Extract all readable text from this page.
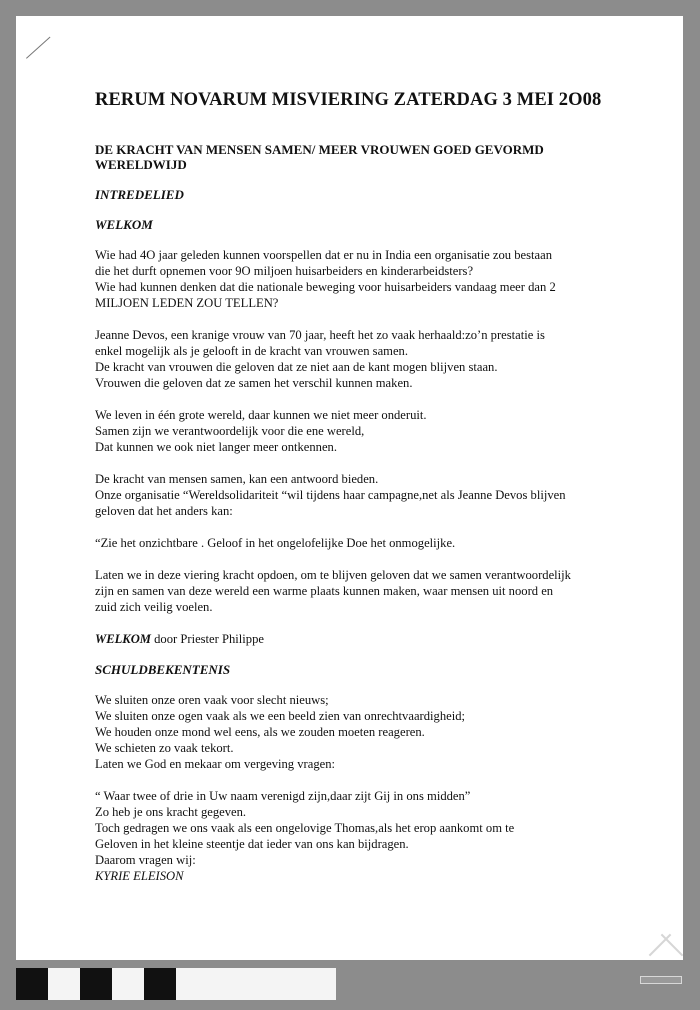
RERUM NOVARUM MISVIERING ZATERDAG 3 MEI 2O08
DE KRACHT VAN MENSEN SAMEN/ MEER VROUWEN GOED GEVORMD WERELDWIJD
INTREDELIED
WELKOM
Wie had 4O jaar geleden kunnen voorspellen dat er nu in India een organisatie zou bestaan
die het durft opnemen voor 9O miljoen huisarbeiders en kinderarbeidsters?
Wie had kunnen denken dat die nationale beweging voor huisarbeiders vandaag meer dan 2
MILJOEN LEDEN ZOU TELLEN?
Jeanne Devos, een kranige vrouw van 70 jaar, heeft het zo vaak herhaald:zo’n prestatie is
enkel mogelijk als je gelooft in de kracht van vrouwen samen.
De kracht van vrouwen die geloven dat ze niet aan de kant mogen blijven staan.
Vrouwen die geloven dat ze samen het verschil kunnen maken.
We leven in één grote wereld, daar kunnen we niet meer onderuit.
Samen zijn we verantwoordelijk voor die ene wereld,
Dat kunnen we ook niet langer meer ontkennen.
De kracht van mensen samen, kan een antwoord bieden.
Onze organisatie “Wereldsolidariteit “wil tijdens haar campagne,net als Jeanne Devos blijven
geloven dat het anders kan:
“Zie het onzichtbare . Geloof in het ongelofelijke Doe het onmogelijke.
Laten we in deze viering kracht opdoen, om te blijven geloven dat we samen verantwoordelijk
zijn en samen van deze wereld een warme plaats kunnen maken, waar mensen uit noord en
zuid zich veilig voelen.
WELKOM door Priester Philippe
SCHULDBEKENTENIS
We sluiten onze oren vaak voor slecht nieuws;
We sluiten onze ogen vaak als we een beeld zien van onrechtvaardigheid;
We houden onze mond wel eens, als we zouden moeten reageren.
We schieten zo vaak tekort.
Laten we God en mekaar om vergeving vragen:
“ Waar twee of drie in Uw naam verenigd zijn,daar zijt Gij in ons midden”
Zo heb je ons kracht gegeven.
Toch gedragen we ons vaak als een ongelovige Thomas,als het erop aankomt om te
Geloven in het kleine steentje dat ieder van ons kan bijdragen.
Daarom vragen wij:
KYRIE ELEISON
